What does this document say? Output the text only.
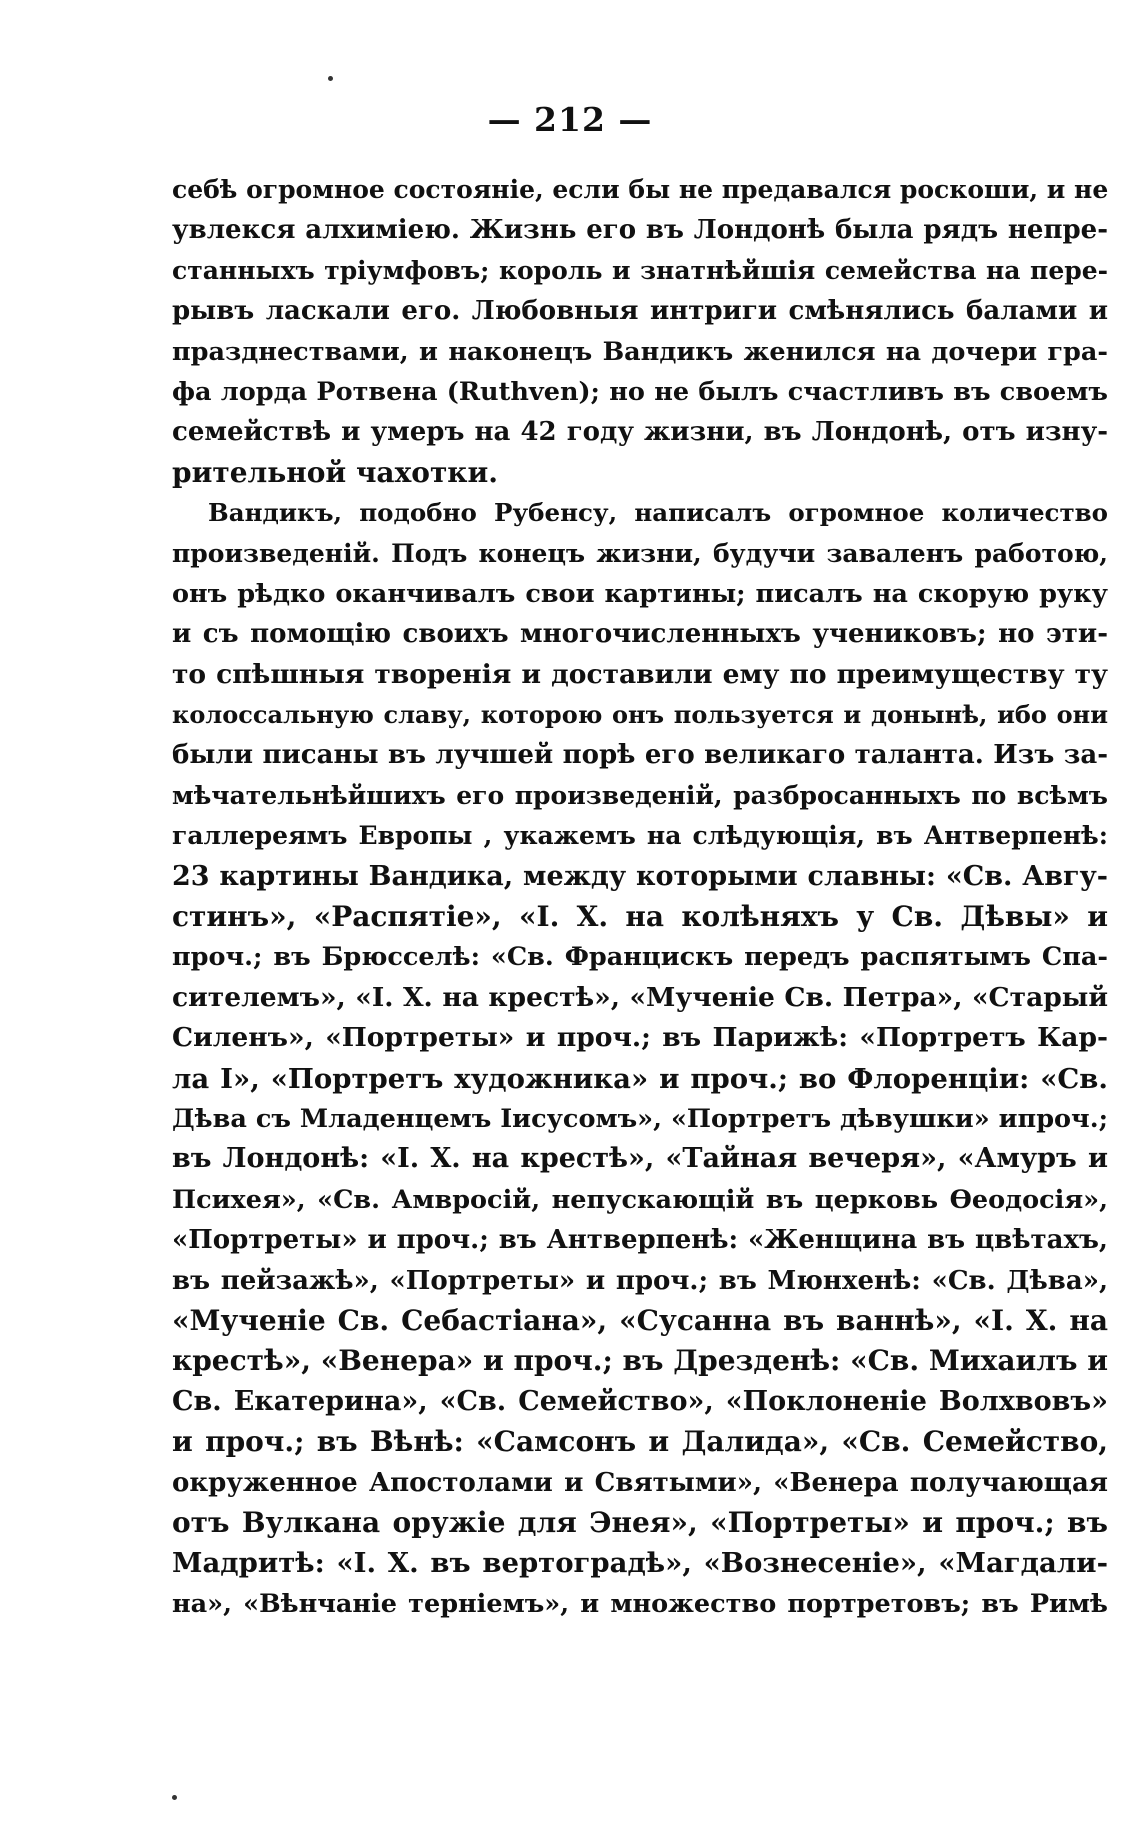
— 212 —
себѣ огромное состояніе, если бы не предавался роскоши, и не
увлекся алхиміею. Жизнь его въ Лондонѣ была рядъ непре-
станныхъ тріумфовъ; король и знатнѣйшія семейства на пере-
рывъ ласкали его. Любовныя интриги смѣнялись балами и
празднествами, и наконецъ Вандикъ женился на дочери гра-
фа лорда Ротвена (Ruthven); но не былъ счастливъ въ своемъ
семействѣ и умеръ на 42 году жизни, въ Лондонѣ, отъ изну-
рительной чахотки.
Вандикъ, подобно Рубенсу, написалъ огромное количество
произведеній. Подъ конецъ жизни, будучи заваленъ работою,
онъ рѣдко оканчивалъ свои картины; писалъ на скорую руку
и съ помощію своихъ многочисленныхъ учениковъ; но эти-
то спѣшныя творенія и доставили ему по преимуществу ту
колоссальную славу, которою онъ пользуется и донынѣ, ибо они
были писаны въ лучшей порѣ его великаго таланта. Изъ за-
мѣчательнѣйшихъ его произведеній, разбросанныхъ по всѣмъ
галлереямъ Европы , укажемъ на слѣдующія, въ Антверпенѣ:
23 картины Вандика, между которыми славны: «Св. Авгу-
стинъ», «Распятіе», «І. Х. на колѣняхъ у Св. Дѣвы» и
проч.; въ Брюсселѣ: «Св. Францискъ передъ распятымъ Спа-
сителемъ», «І. Х. на крестѣ», «Мученіе Св. Петра», «Старый
Силенъ», «Портреты» и проч.; въ Парижѣ: «Портретъ Кар-
ла І», «Портретъ художника» и проч.; во Флоренціи: «Св.
Дѣва съ Младенцемъ Іисусомъ», «Портретъ дѣвушки» ипроч.;
въ Лондонѣ: «І. Х. на крестѣ», «Тайная вечеря», «Амуръ и
Психея», «Св. Амвросій, непускающій въ церковь Ѳеодосія»,
«Портреты» и проч.; въ Антверпенѣ: «Женщина въ цвѣтахъ,
въ пейзажѣ», «Портреты» и проч.; въ Мюнхенѣ: «Св. Дѣва»,
«Мученіе Св. Себастіана», «Сусанна въ ваннѣ», «І. Х. на
крестѣ», «Венера» и проч.; въ Дрезденѣ: «Св. Михаилъ и
Св. Екатерина», «Св. Семейство», «Поклоненіе Волхвовъ»
и проч.; въ Вѣнѣ: «Самсонъ и Далида», «Св. Семейство,
окруженное Апостолами и Святыми», «Венера получающая
отъ Вулкана оружіе для Энея», «Портреты» и проч.; въ
Мадритѣ: «І. Х. въ вертоградѣ», «Вознесеніе», «Магдали-
на», «Вѣнчаніе терніемъ», и множество портретовъ; въ Римѣ
